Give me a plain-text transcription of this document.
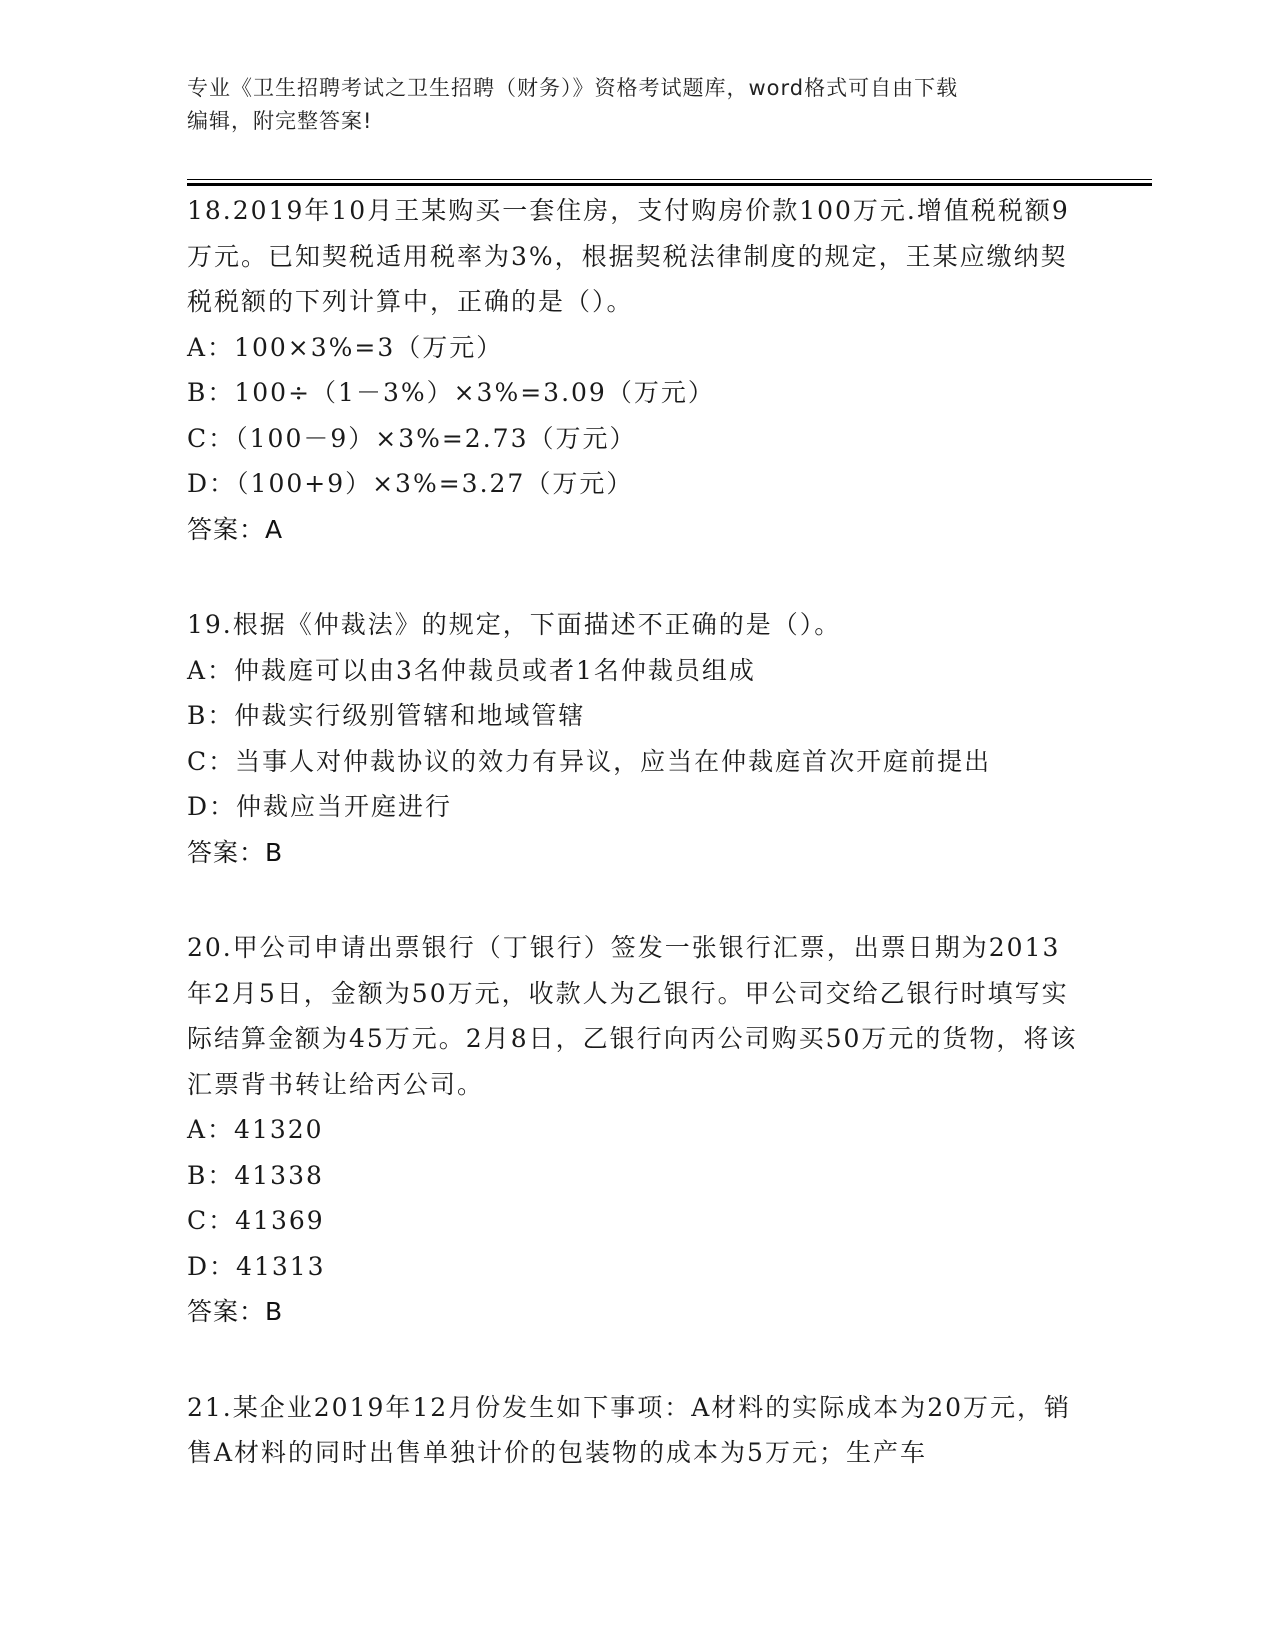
专业《卫生招聘考试之卫生招聘（财务）》资格考试题库，word格式可自由下载
编辑，附完整答案!
18.2019年10月王某购买一套住房，支付购房价款100万元.增值税税额9万元。已知契税适用税率为3%，根据契税法律制度的规定，王某应缴纳契税税额的下列计算中，正确的是（）。
A：100×3%=3（万元）
B：100÷（1－3%）×3%=3.09（万元）
C：（100－9）×3%=2.73（万元）
D：（100+9）×3%=3.27（万元）
答案：A
19.根据《仲裁法》的规定，下面描述不正确的是（）。
A：仲裁庭可以由3名仲裁员或者1名仲裁员组成
B：仲裁实行级别管辖和地域管辖
C：当事人对仲裁协议的效力有异议，应当在仲裁庭首次开庭前提出
D：仲裁应当开庭进行
答案：B
20.甲公司申请出票银行（丁银行）签发一张银行汇票，出票日期为2013年2月5日，金额为50万元，收款人为乙银行。甲公司交给乙银行时填写实际结算金额为45万元。2月8日，乙银行向丙公司购买50万元的货物，将该汇票背书转让给丙公司。
A：41320
B：41338
C：41369
D：41313
答案：B
21.某企业2019年12月份发生如下事项：A材料的实际成本为20万元，销售A材料的同时出售单独计价的包装物的成本为5万元；生产车
